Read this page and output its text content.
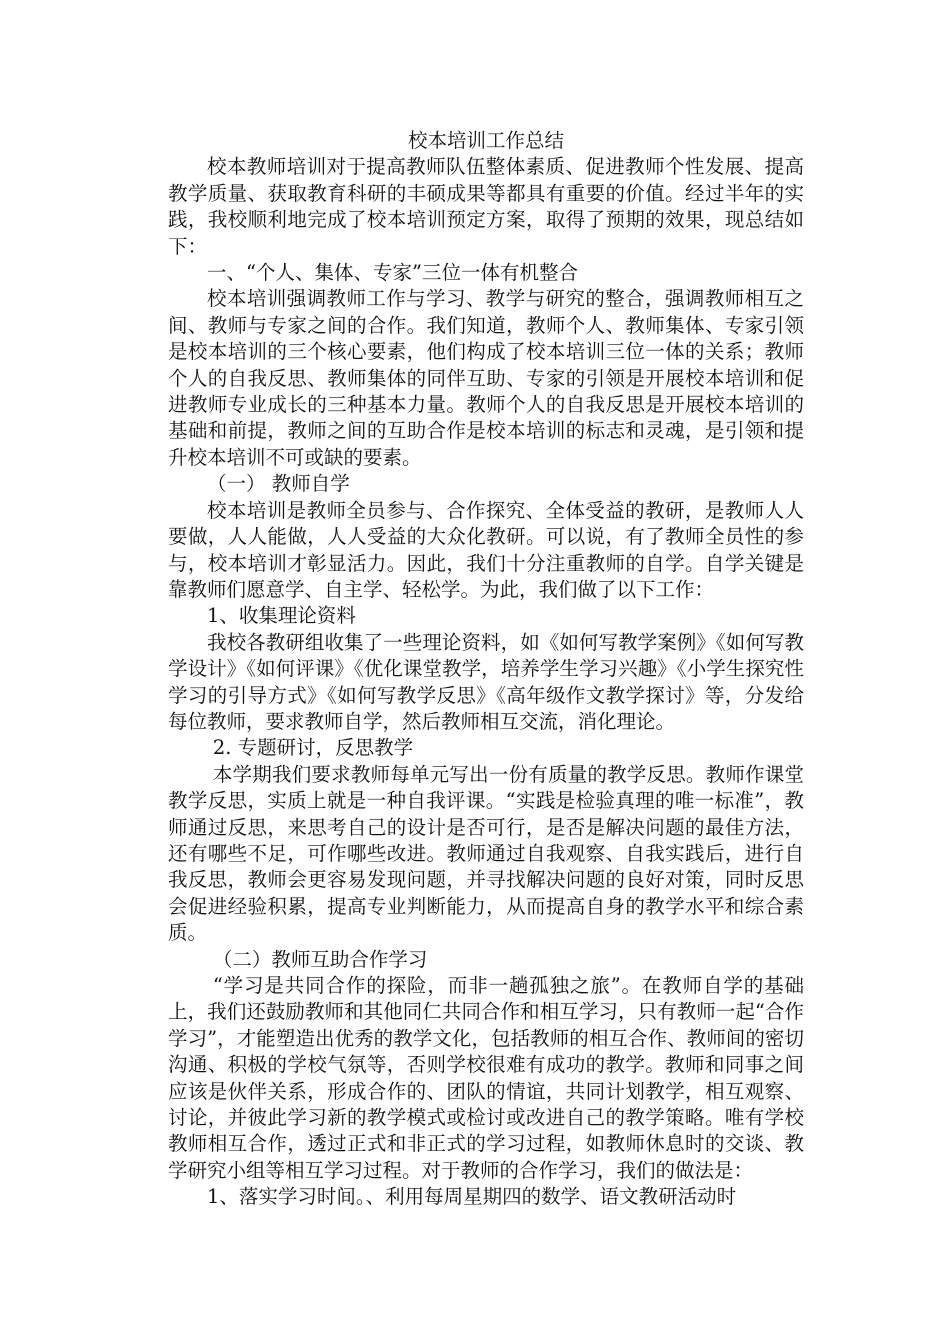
校本培训工作总结

校本教师培训对于提高教师队伍整体素质、促进教师个性发展、提高教学质量、获取教育科研的丰硕成果等都具有重要的价值。经过半年的实践，我校顺利地完成了校本培训预定方案，取得了预期的效果，现总结如下：

一、“个人、集体、专家”三位一体有机整合

校本培训强调教师工作与学习、教学与研究的整合，强调教师相互之间、教师与专家之间的合作。我们知道，教师个人、教师集体、专家引领是校本培训的三个核心要素，他们构成了校本培训三位一体的关系；教师个人的自我反思、教师集体的同伴互助、专家的引领是开展校本培训和促进教师专业成长的三种基本力量。教师个人的自我反思是开展校本培训的基础和前提，教师之间的互助合作是校本培训的标志和灵魂，是引领和提升校本培训不可或缺的要素。

（一） 教师自学

校本培训是教师全员参与、合作探究、全体受益的教研，是教师人人要做，人人能做，人人受益的大众化教研。可以说，有了教师全员性的参与，校本培训才彰显活力。因此，我们十分注重教师的自学。自学关键是靠教师们愿意学、自主学、轻松学。为此，我们做了以下工作：

1、收集理论资料

我校各教研组收集了一些理论资料，如《如何写教学案例》《如何写教学设计》《如何评课》《优化课堂教学，培养学生学习兴趣》《小学生探究性学习的引导方式》《如何写教学反思》《高年级作文教学探讨》等，分发给每位教师，要求教师自学，然后教师相互交流，消化理论。

2. 专题研讨，反思教学

本学期我们要求教师每单元写出一份有质量的教学反思。教师作课堂教学反思，实质上就是一种自我评课。“实践是检验真理的唯一标准”，教师通过反思，来思考自己的设计是否可行，是否是解决问题的最佳方法，还有哪些不足，可作哪些改进。教师通过自我观察、自我实践后，进行自我反思，教师会更容易发现问题，并寻找解决问题的良好对策，同时反思会促进经验积累，提高专业判断能力，从而提高自身的教学水平和综合素质。

（二）教师互助合作学习

“学习是共同合作的探险，而非一趟孤独之旅”。在教师自学的基础上，我们还鼓励教师和其他同仁共同合作和相互学习，只有教师一起“合作学习”，才能塑造出优秀的教学文化，包括教师的相互合作、教师间的密切沟通、积极的学校气氛等，否则学校很难有成功的教学。教师和同事之间应该是伙伴关系，形成合作的、团队的情谊，共同计划教学，相互观察、讨论，并彼此学习新的教学模式或检讨或改进自己的教学策略。唯有学校教师相互合作，透过正式和非正式的学习过程，如教师休息时的交谈、教学研究小组等相互学习过程。对于教师的合作学习，我们的做法是：

1、落实学习时间。、利用每周星期四的数学、语文教研活动时
